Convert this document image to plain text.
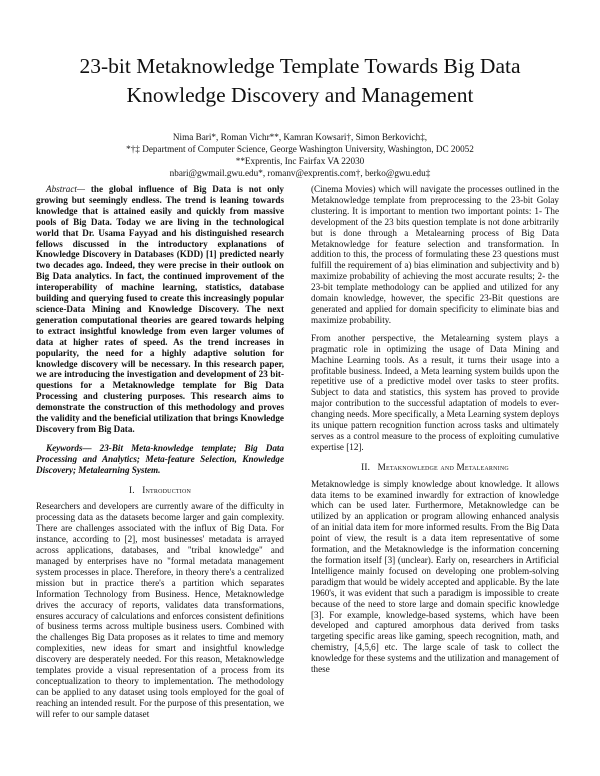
23-bit Metaknowledge Template Towards Big Data
Knowledge Discovery and Management
Nima Bari*, Roman Vichr**, Kamran Kowsari†, Simon Berkovich‡,
*†‡ Department of Computer Science, George Washington University, Washington, DC 20052
**Exprentis, Inc Fairfax VA 22030
nbari@gwmail.gwu.edu*, romanv@exprentis.com†, berko@gwu.edu‡

Abstract— the global influence of Big Data is not only growing but seemingly endless. The trend is leaning towards knowledge that is attained easily and quickly from massive pools of Big Data. Today we are living in the technological world that Dr. Usama Fayyad and his distinguished research fellows discussed in the introductory explanations of Knowledge Discovery in Databases (KDD) [1] predicted nearly two decades ago. Indeed, they were precise in their outlook on Big Data analytics. In fact, the continued improvement of the interoperability of machine learning, statistics, database building and querying fused to create this increasingly popular science-Data Mining and Knowledge Discovery. The next generation computational theories are geared towards helping to extract insightful knowledge from even larger volumes of data at higher rates of speed. As the trend increases in popularity, the need for a highly adaptive solution for knowledge discovery will be necessary. In this research paper, we are introducing the investigation and development of 23 bit-questions for a Metaknowledge template for Big Data Processing and clustering purposes. This research aims to demonstrate the construction of this methodology and proves the validity and the beneficial utilization that brings Knowledge Discovery from Big Data.

Keywords— 23-Bit Meta-knowledge template; Big Data Processing and Analytics; Meta-feature Selection, Knowledge Discovery; Metalearning System.

I. Introduction

Researchers and developers are currently aware of the difficulty in processing data as the datasets become larger and gain complexity. There are challenges associated with the influx of Big Data. For instance, according to [2], most businesses' metadata is arrayed across applications, databases, and "tribal knowledge" and managed by enterprises have no "formal metadata management system processes in place. Therefore, in theory there's a centralized mission but in practice there's a partition which separates Information Technology from Business. Hence, Metaknowledge drives the accuracy of reports, validates data transformations, ensures accuracy of calculations and enforces consistent definitions of business terms across multiple business users. Combined with the challenges Big Data proposes as it relates to time and memory complexities, new ideas for smart and insightful knowledge discovery are desperately needed. For this reason, Metaknowledge templates provide a visual representation of a process from its conceptualization to theory to implementation. The methodology can be applied to any dataset using tools employed for the goal of reaching an intended result. For the purpose of this presentation, we will refer to our sample dataset

(Cinema Movies) which will navigate the processes outlined in the Metaknowledge template from preprocessing to the 23-bit Golay clustering. It is important to mention two important points: 1- The development of the 23 bits question template is not done arbitrarily but is done through a Metalearning process of Big Data Metaknowledge for feature selection and transformation. In addition to this, the process of formulating these 23 questions must fulfill the requirement of a) bias elimination and subjectivity and b) maximize probability of achieving the most accurate results; 2- the 23-bit template methodology can be applied and utilized for any domain knowledge, however, the specific 23-Bit questions are generated and applied for domain specificity to eliminate bias and maximize probability.

From another perspective, the Metalearning system plays a pragmatic role in optimizing the usage of Data Mining and Machine Learning tools. As a result, it turns their usage into a profitable business. Indeed, a Meta learning system builds upon the repetitive use of a predictive model over tasks to steer profits. Subject to data and statistics, this system has proved to provide major contribution to the successful adaptation of models to ever-changing needs. More specifically, a Meta Learning system deploys its unique pattern recognition function across tasks and ultimately serves as a control measure to the process of exploiting cumulative expertise [12].

II. Metaknowledge and Metalearning

Metaknowledge is simply knowledge about knowledge. It allows data items to be examined inwardly for extraction of knowledge which can be used later. Furthermore, Metaknowledge can be utilized by an application or program allowing enhanced analysis of an initial data item for more informed results. From the Big Data point of view, the result is a data item representative of some formation, and the Metaknowledge is the information concerning the formation itself [3] (unclear). Early on, researchers in Artificial Intelligence mainly focused on developing one problem-solving paradigm that would be widely accepted and applicable. By the late 1960's, it was evident that such a paradigm is impossible to create because of the need to store large and domain specific knowledge [3]. For example, knowledge-based systems, which have been developed and captured amorphous data derived from tasks targeting specific areas like gaming, speech recognition, math, and chemistry, [4,5,6] etc. The large scale of task to collect the knowledge for these systems and the utilization and management of these
